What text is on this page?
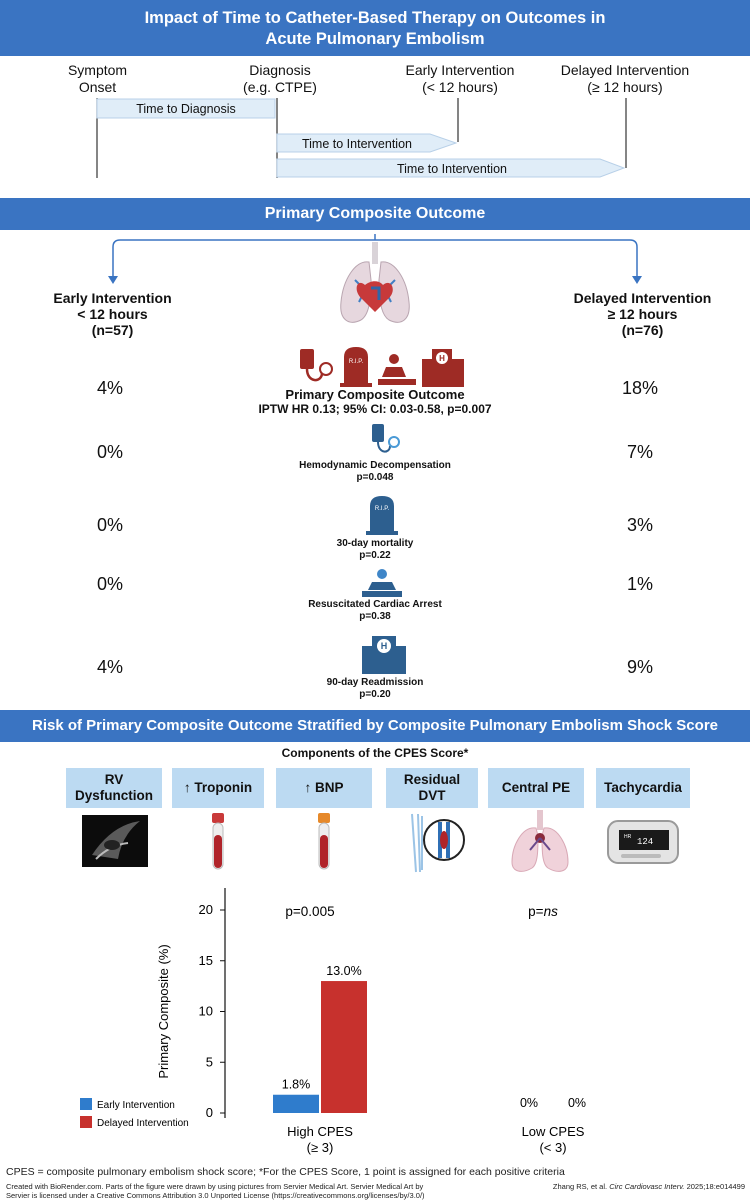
Impact of Time to Catheter-Based Therapy on Outcomes in
Acute Pulmonary Embolism
Symptom
Onset
Diagnosis
(e.g. CTPE)
Early Intervention
(< 12 hours)
Delayed Intervention
(≥ 12 hours)
Time to Diagnosis
Time to Intervention
Time to Intervention
Primary Composite Outcome
Early Intervention
< 12 hours
(n=57)
Delayed Intervention
≥ 12 hours
(n=76)
R.I.P.	H
4%	18%
Primary Composite Outcome
IPTW HR 0.13; 95% CI: 0.03-0.58, p=0.007
0%	7%
Hemodynamic Decompensation
p=0.048
R.I.P.
0%	3%
30-day mortality
p=0.22
0%	1%
Resuscitated Cardiac Arrest
p=0.38
H
4%	9%
90-day Readmission
p=0.20
Risk of Primary Composite Outcome Stratified by Composite Pulmonary Embolism Shock Score
Components of the CPES Score*
RV
Dysfunction
↑ Troponin	↑ BNP
Residual
DVT
Central PE	Tachycardia
HR 124
0
5
10
15
20
Primary Composite (%)
1.8%
13.0%
0% 0%
p=0.005	p=ns
High CPES
(≥ 3)
Low CPES
(< 3)
Early Intervention
Delayed Intervention
CPES = composite pulmonary embolism shock score; *For the CPES Score, 1 point is assigned for each positive criteria
Created with BioRender.com. Parts of the figure were drawn by using pictures from Servier Medical Art. Servier Medical Art by
Servier is licensed under a Creative Commons Attribution 3.0 Unported License (https://creativecommons.org/licenses/by/3.0/)
Zhang RS, et al. Circ Cardiovasc Interv. 2025;18:e014499
